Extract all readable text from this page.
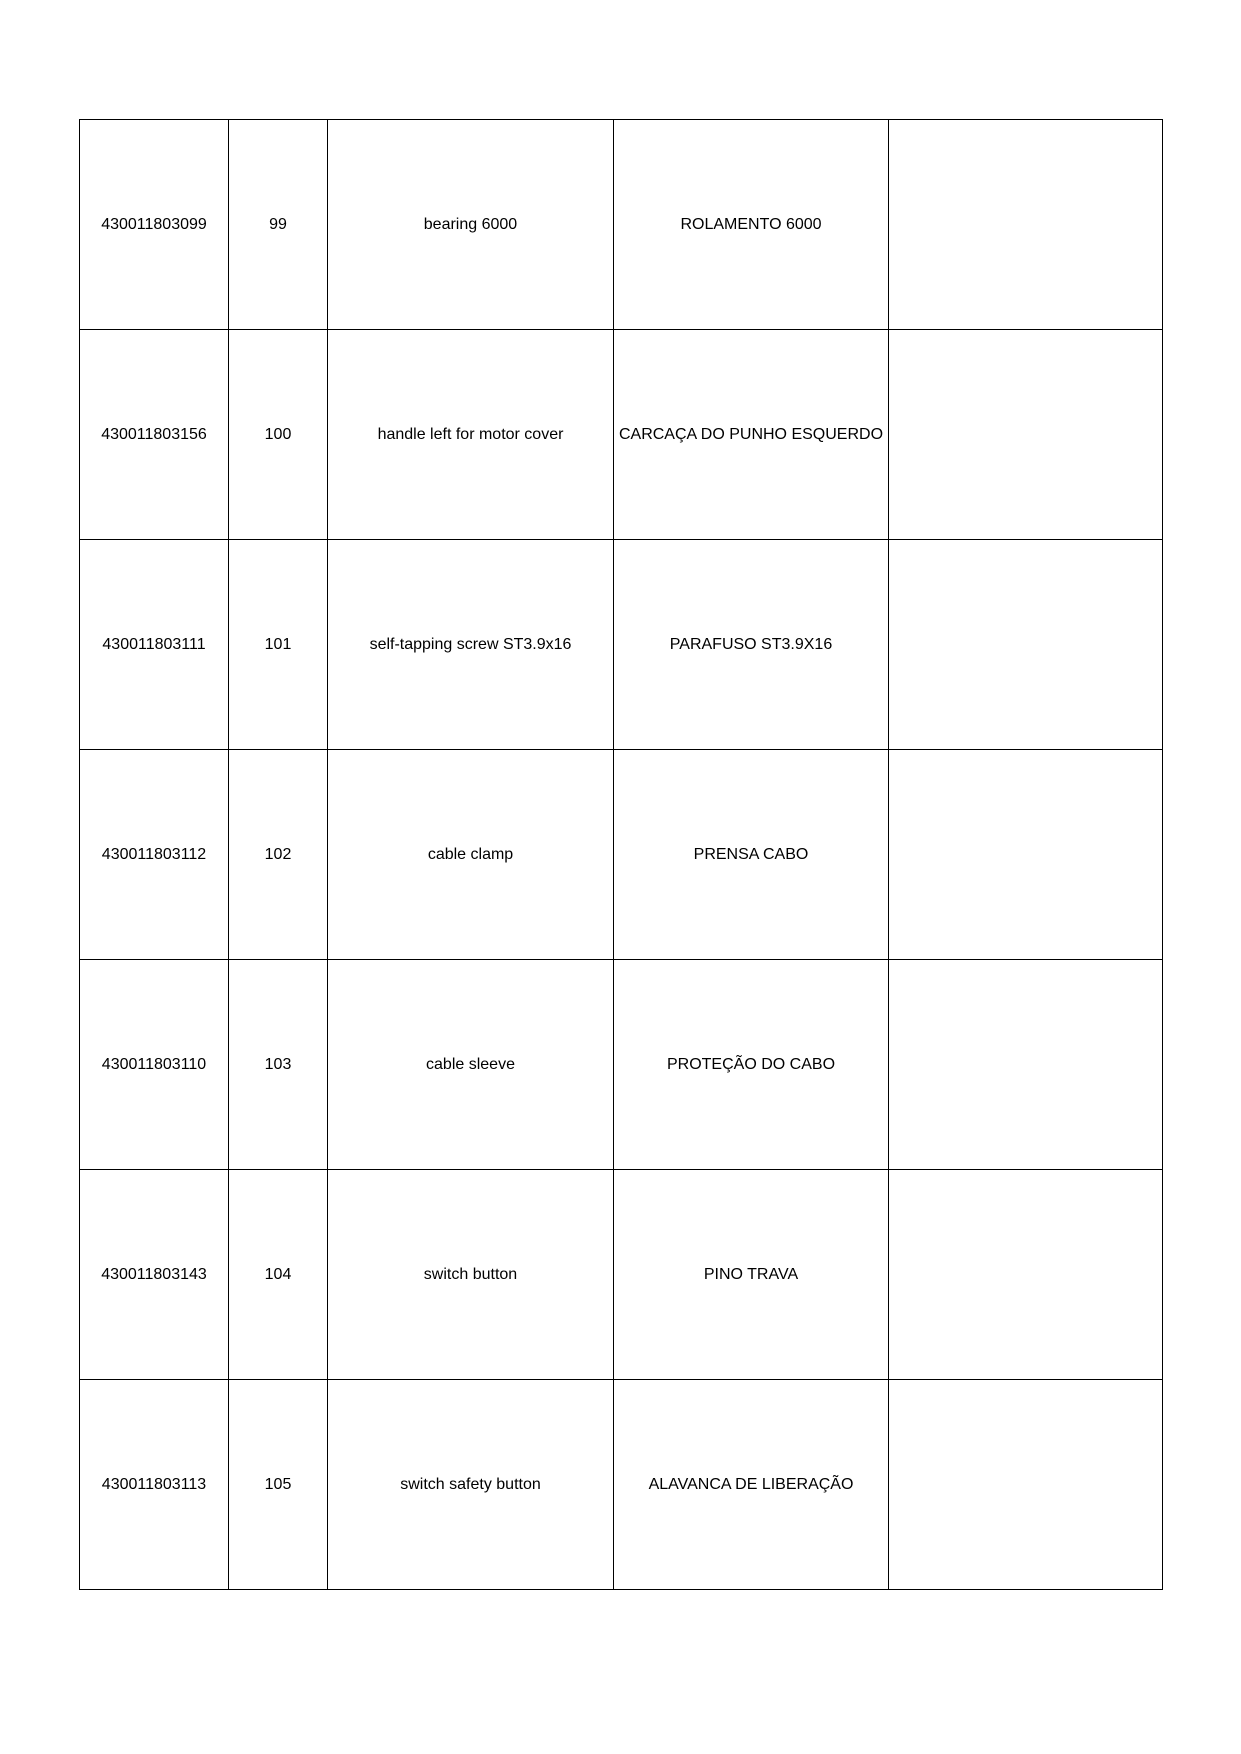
430011803099	99	bearing 6000	ROLAMENTO 6000	
430011803156	100	handle left for motor cover	CARCAÇA DO PUNHO ESQUERDO	
430011803111	101	self-tapping screw ST3.9x16	PARAFUSO ST3.9X16	
430011803112	102	cable clamp	PRENSA CABO	
430011803110	103	cable sleeve	PROTEÇÃO DO CABO	
430011803143	104	switch button	PINO TRAVA	
430011803113	105	switch safety button	ALAVANCA DE LIBERAÇÃO	
